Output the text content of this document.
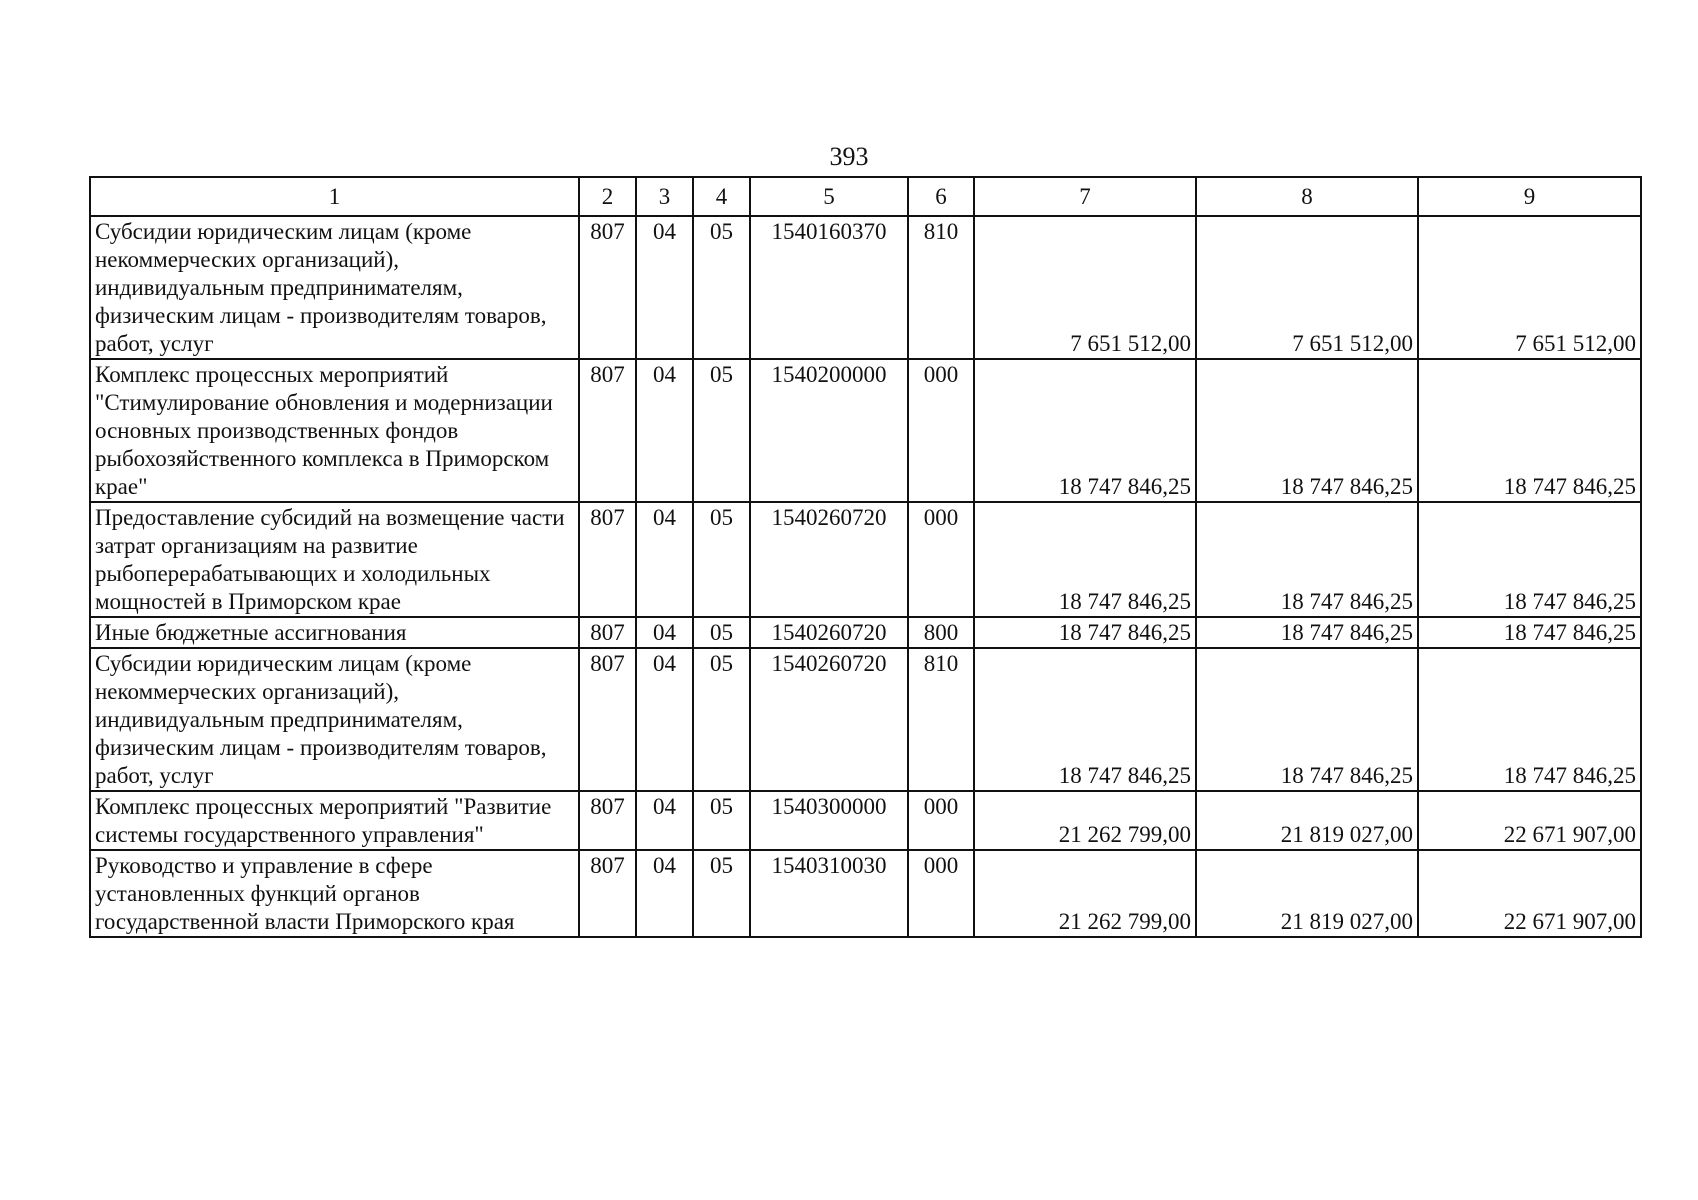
393
1	2	3	4	5	6	7	8	9
Субсидии юридическим лицам (кроме некоммерческих организаций), индивидуальным предпринимателям, физическим лицам - производителям товаров, работ, услуг	807	04	05	1540160370	810	7 651 512,00	7 651 512,00	7 651 512,00
Комплекс процессных мероприятий "Стимулирование обновления и модернизации основных производственных фондов рыбохозяйственного комплекса в Приморском крае"	807	04	05	1540200000	000	18 747 846,25	18 747 846,25	18 747 846,25
Предоставление субсидий на возмещение части затрат организациям на развитие рыбоперерабатывающих и холодильных мощностей в Приморском крае	807	04	05	1540260720	000	18 747 846,25	18 747 846,25	18 747 846,25
Иные бюджетные ассигнования	807	04	05	1540260720	800	18 747 846,25	18 747 846,25	18 747 846,25
Субсидии юридическим лицам (кроме некоммерческих организаций), индивидуальным предпринимателям, физическим лицам - производителям товаров, работ, услуг	807	04	05	1540260720	810	18 747 846,25	18 747 846,25	18 747 846,25
Комплекс процессных мероприятий "Развитие системы государственного управления"	807	04	05	1540300000	000	21 262 799,00	21 819 027,00	22 671 907,00
Руководство и управление в сфере установленных функций органов государственной власти Приморского края	807	04	05	1540310030	000	21 262 799,00	21 819 027,00	22 671 907,00
